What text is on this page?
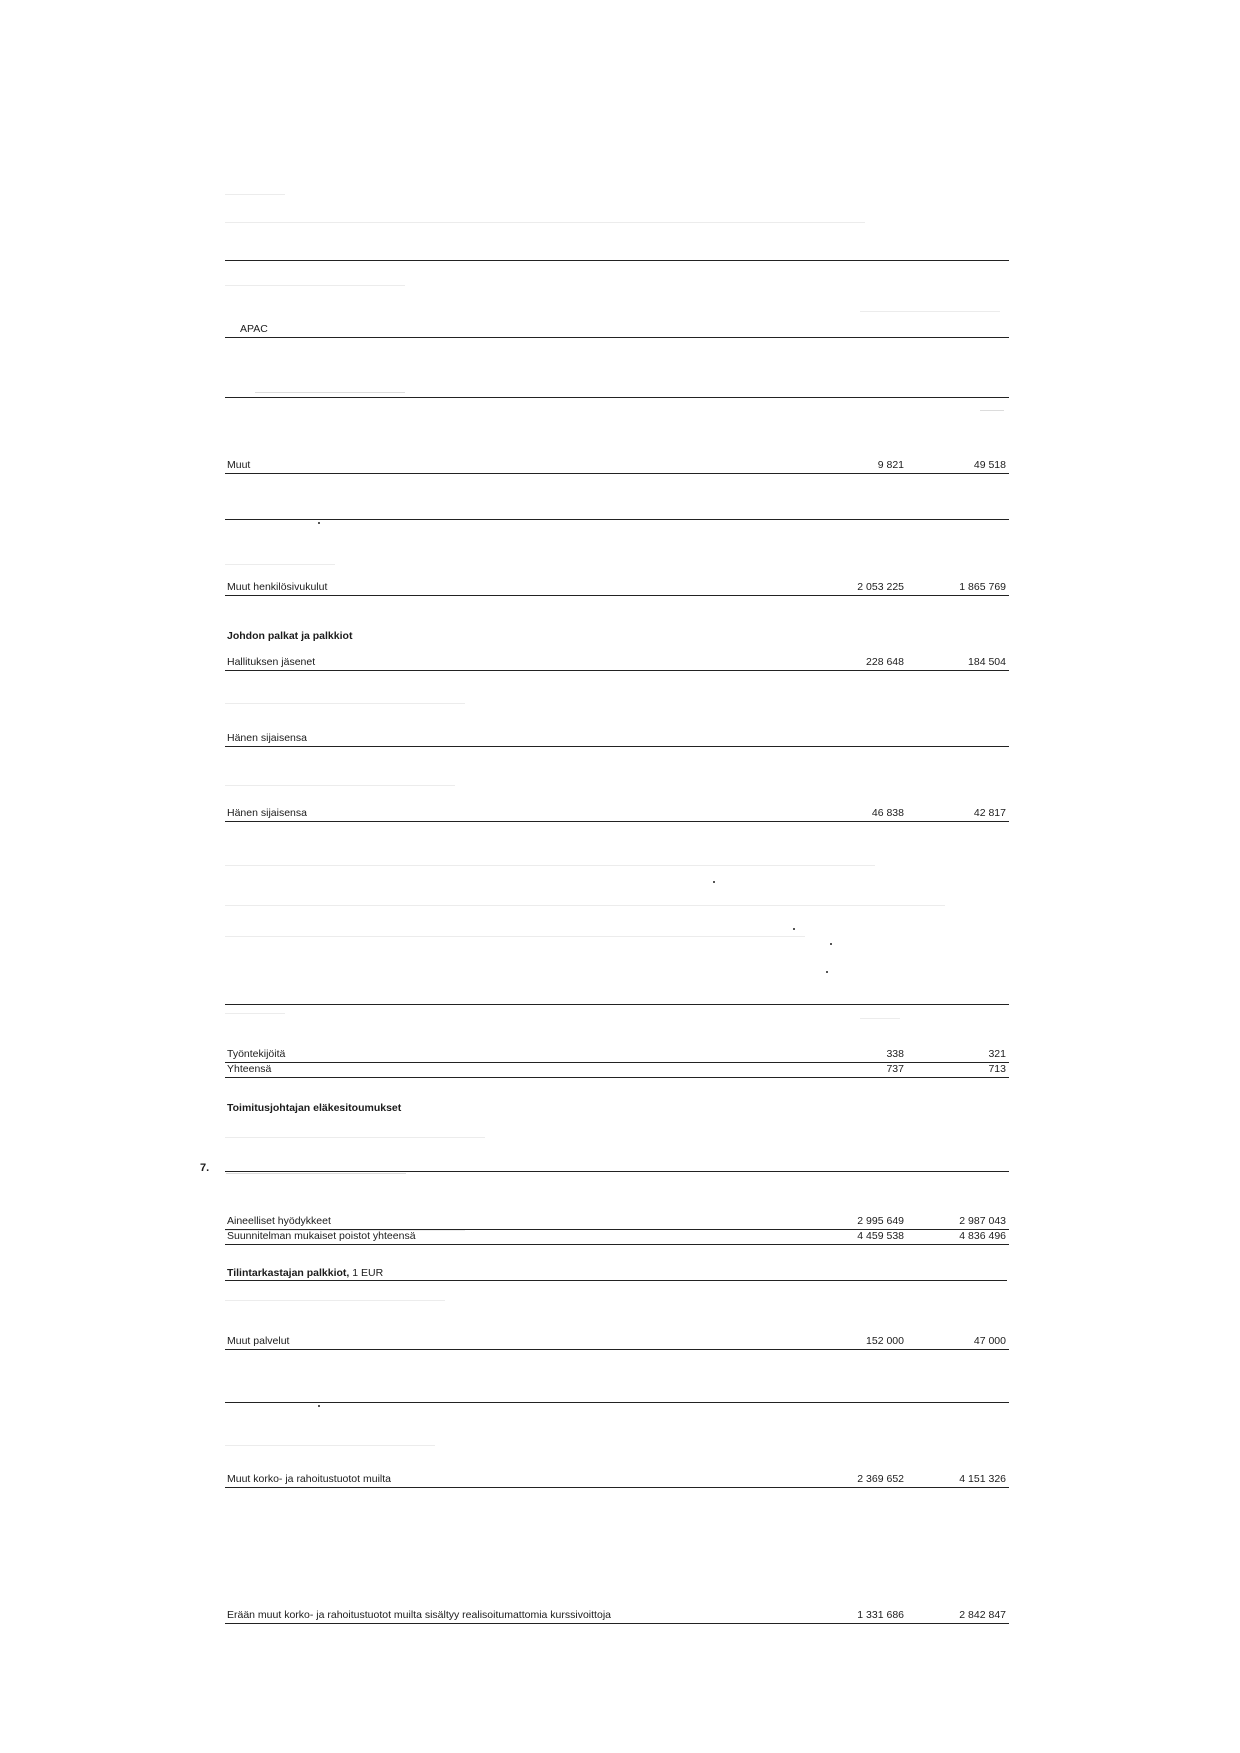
7.
Johdon palkat ja palkkiot
Toimitusjohtajan eläkesitoumukset
Tilintarkastajan palkkiot, 1 EUR
APAC
Muut	9 821	49 518
Muut henkilösivukulut	2 053 225	1 865 769
Hallituksen jäsenet	228 648	184 504
Hänen sijaisensa
Hänen sijaisensa	46 838	42 817
Työntekijöitä	338	321
Yhteensä	737	713
Aineelliset hyödykkeet	2 995 649	2 987 043
Suunnitelman mukaiset poistot yhteensä	4 459 538	4 836 496
Muut palvelut	152 000	47 000
Muut korko- ja rahoitustuotot muilta	2 369 652	4 151 326
Erään muut korko- ja rahoitustuotot muilta sisältyy realisoitumattomia kurssivoittoja	1 331 686	2 842 847
